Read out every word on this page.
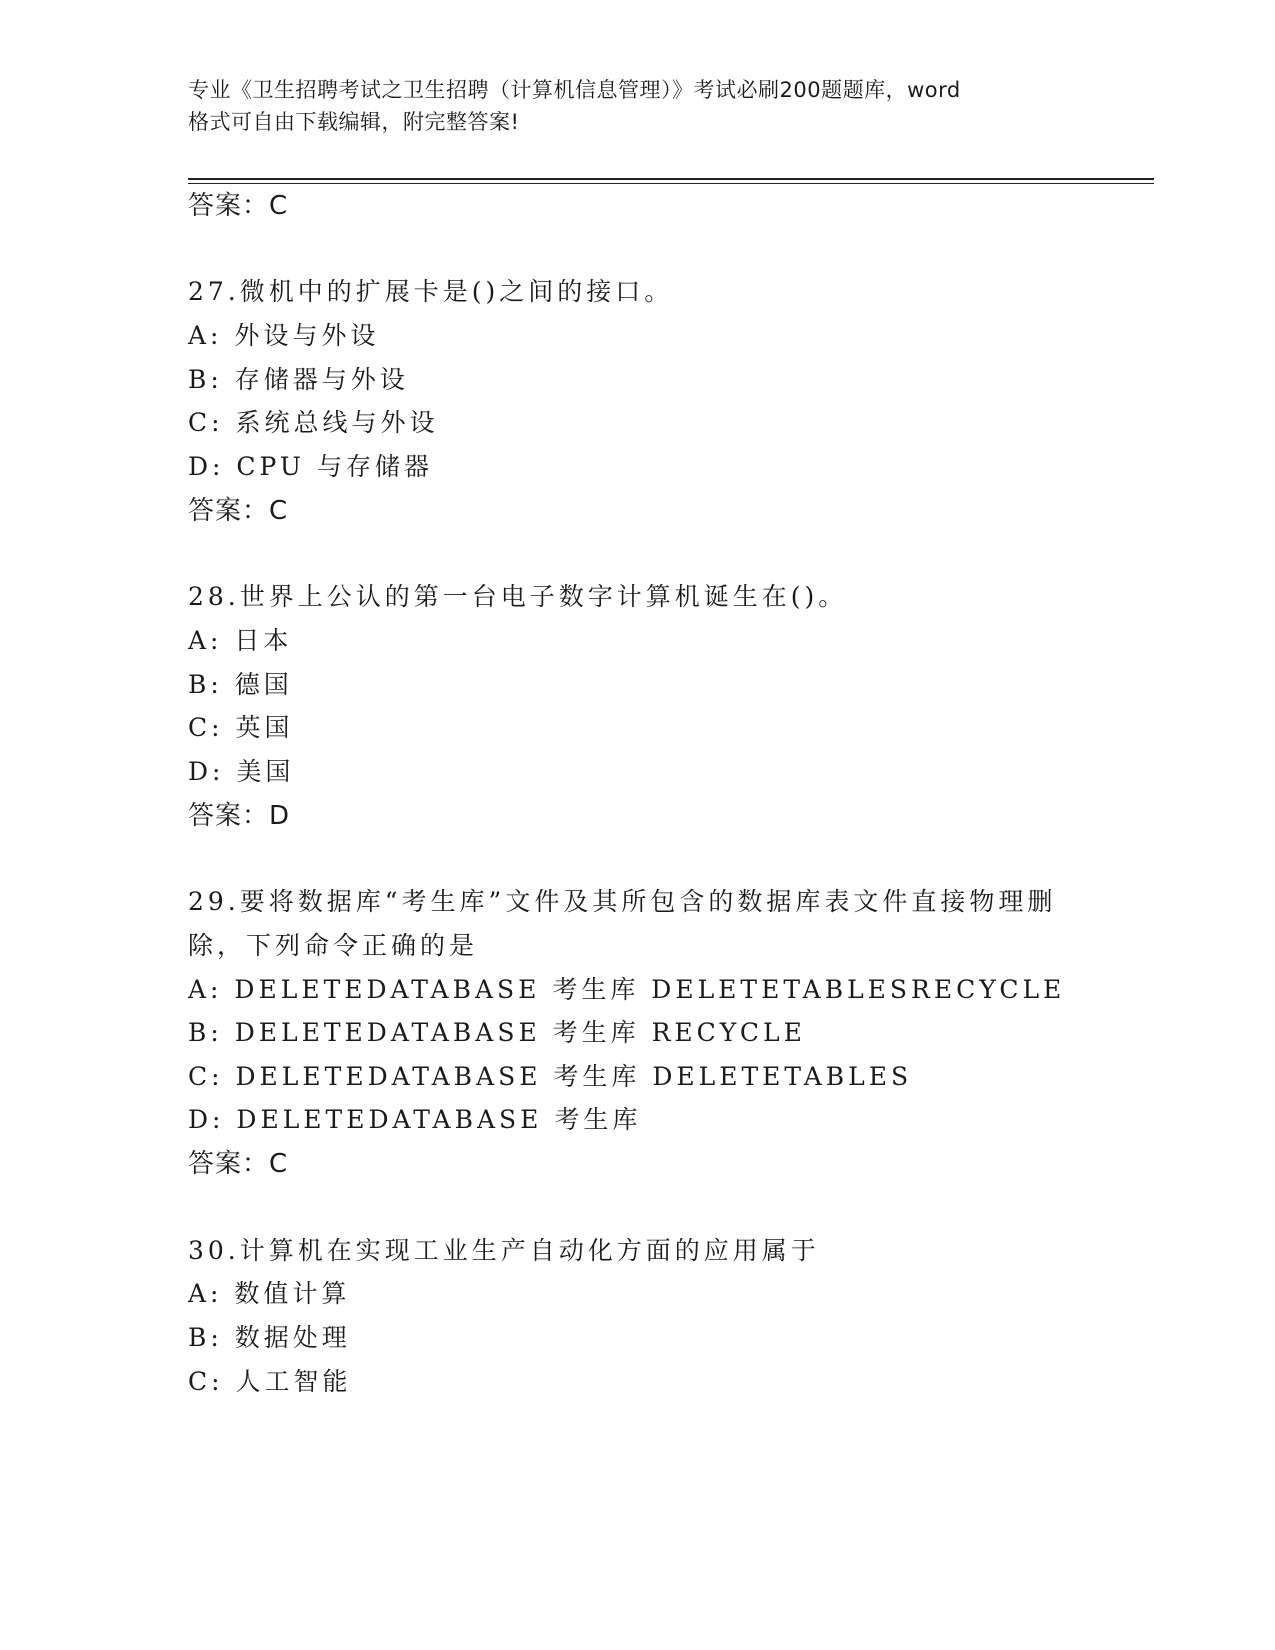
专业《卫生招聘考试之卫生招聘（计算机信息管理）》考试必刷200题题库，word
格式可自由下载编辑，附完整答案!
答案：C
27.微机中的扩展卡是()之间的接口。
A: 外设与外设
B: 存储器与外设
C: 系统总线与外设
D: CPU 与存储器
答案：C
28.世界上公认的第一台电子数字计算机诞生在()。
A: 日本
B: 德国
C: 英国
D: 美国
答案：D
29.要将数据库“考生库”文件及其所包含的数据库表文件直接物理删
除，下列命令正确的是
A: DELETEDATABASE 考生库 DELETETABLESRECYCLE
B: DELETEDATABASE 考生库 RECYCLE
C: DELETEDATABASE 考生库 DELETETABLES
D: DELETEDATABASE 考生库
答案：C
30.计算机在实现工业生产自动化方面的应用属于
A: 数值计算
B: 数据处理
C: 人工智能
